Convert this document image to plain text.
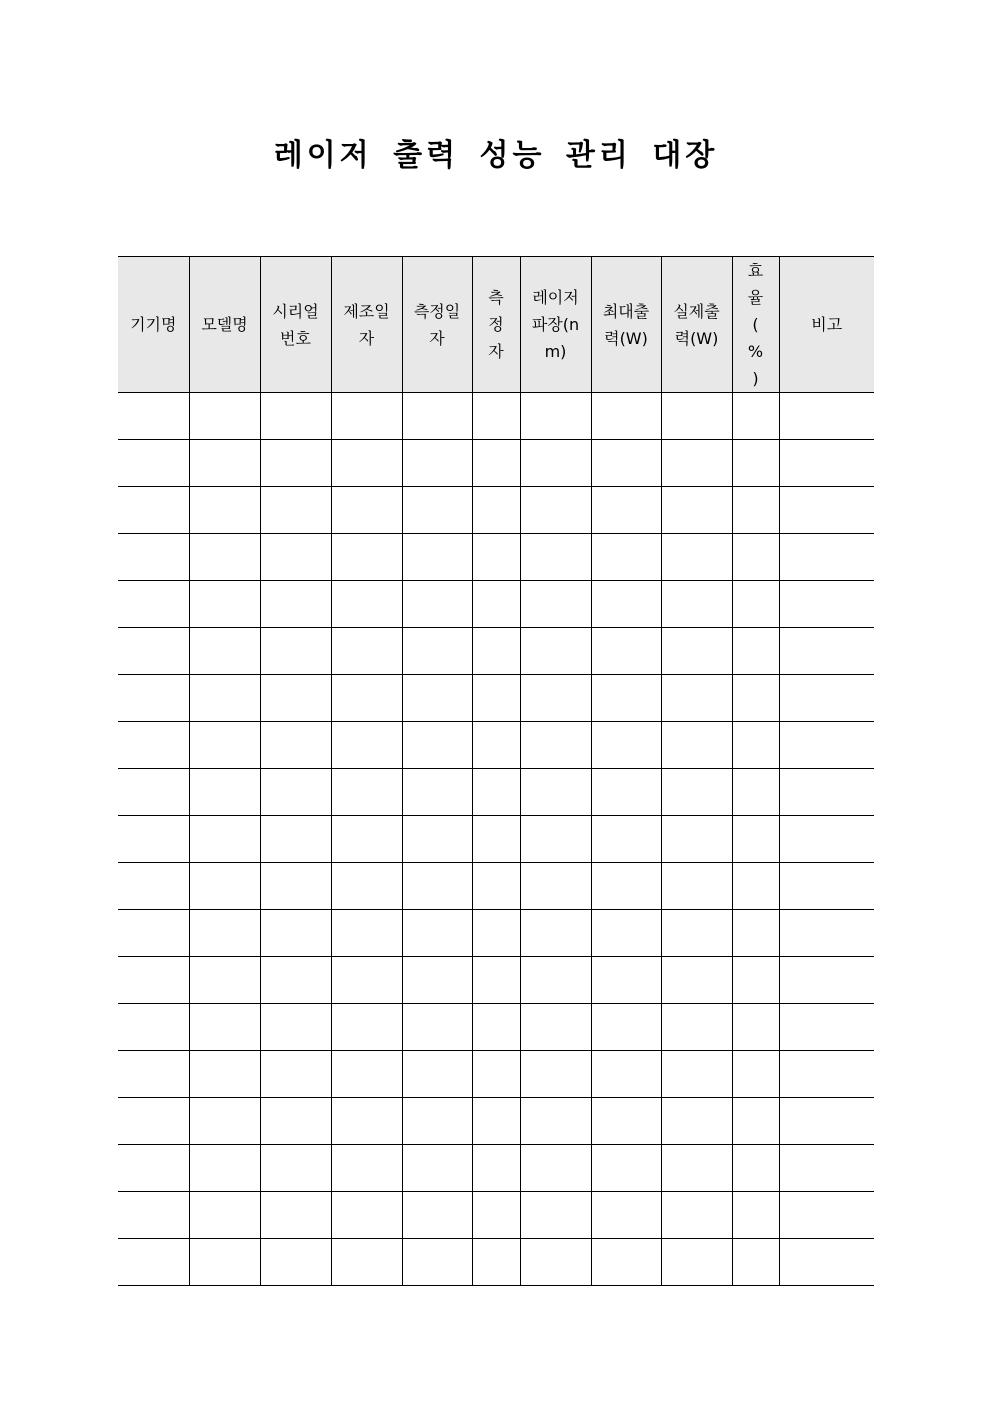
레이저 출력 성능 관리 대장
기기명	모델명	시리얼번호	제조일자	측정일자	측정자	레이저파장(nm)	최대출력(W)	실제출력(W)	효율(%)	비고
